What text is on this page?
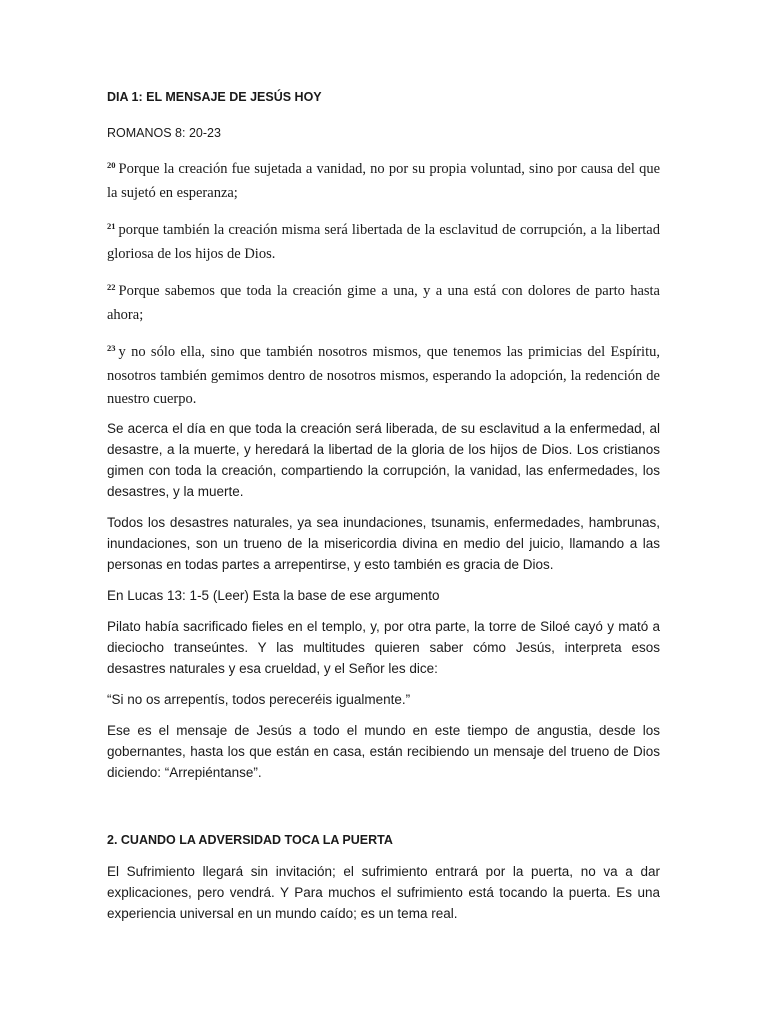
DIA 1: EL MENSAJE DE JESÚS HOY

ROMANOS 8: 20-23

$^{20}$ Porque la creación fue sujetada a vanidad, no por su propia voluntad, sino por causa del que la sujetó en esperanza;

$^{21}$ porque también la creación misma será libertada de la esclavitud de corrupción, a la libertad gloriosa de los hijos de Dios.

$^{22}$ Porque sabemos que toda la creación gime a una, y a una está con dolores de parto hasta ahora;

$^{23}$ y no sólo ella, sino que también nosotros mismos, que tenemos las primicias del Espíritu, nosotros también gemimos dentro de nosotros mismos, esperando la adopción, la redención de nuestro cuerpo.

Se acerca el día en que toda la creación será liberada, de su esclavitud a la enfermedad, al desastre, a la muerte, y heredará la libertad de la gloria de los hijos de Dios. Los cristianos gimen con toda la creación, compartiendo la corrupción, la vanidad, las enfermedades, los desastres, y la muerte.

Todos los desastres naturales, ya sea inundaciones, tsunamis, enfermedades, hambrunas, inundaciones, son un trueno de la misericordia divina en medio del juicio, llamando a las personas en todas partes a arrepentirse, y esto también es gracia de Dios.

En Lucas 13: 1-5 (Leer) Esta la base de ese argumento

Pilato había sacrificado fieles en el templo, y, por otra parte, la torre de Siloé cayó y mató a dieciocho transeúntes. Y las multitudes quieren saber cómo Jesús, interpreta esos desastres naturales y esa crueldad, y el Señor les dice:

“Si no os arrepentís, todos pereceréis igualmente.”

Ese es el mensaje de Jesús a todo el mundo en este tiempo de angustia, desde los gobernantes, hasta los que están en casa, están recibiendo un mensaje del trueno de Dios diciendo: “Arrepiéntanse”.

2. CUANDO LA ADVERSIDAD TOCA LA PUERTA

El Sufrimiento llegará sin invitación; el sufrimiento entrará por la puerta, no va a dar explicaciones, pero vendrá. Y Para muchos el sufrimiento está tocando la puerta. Es una experiencia universal en un mundo caído; es un tema real.
